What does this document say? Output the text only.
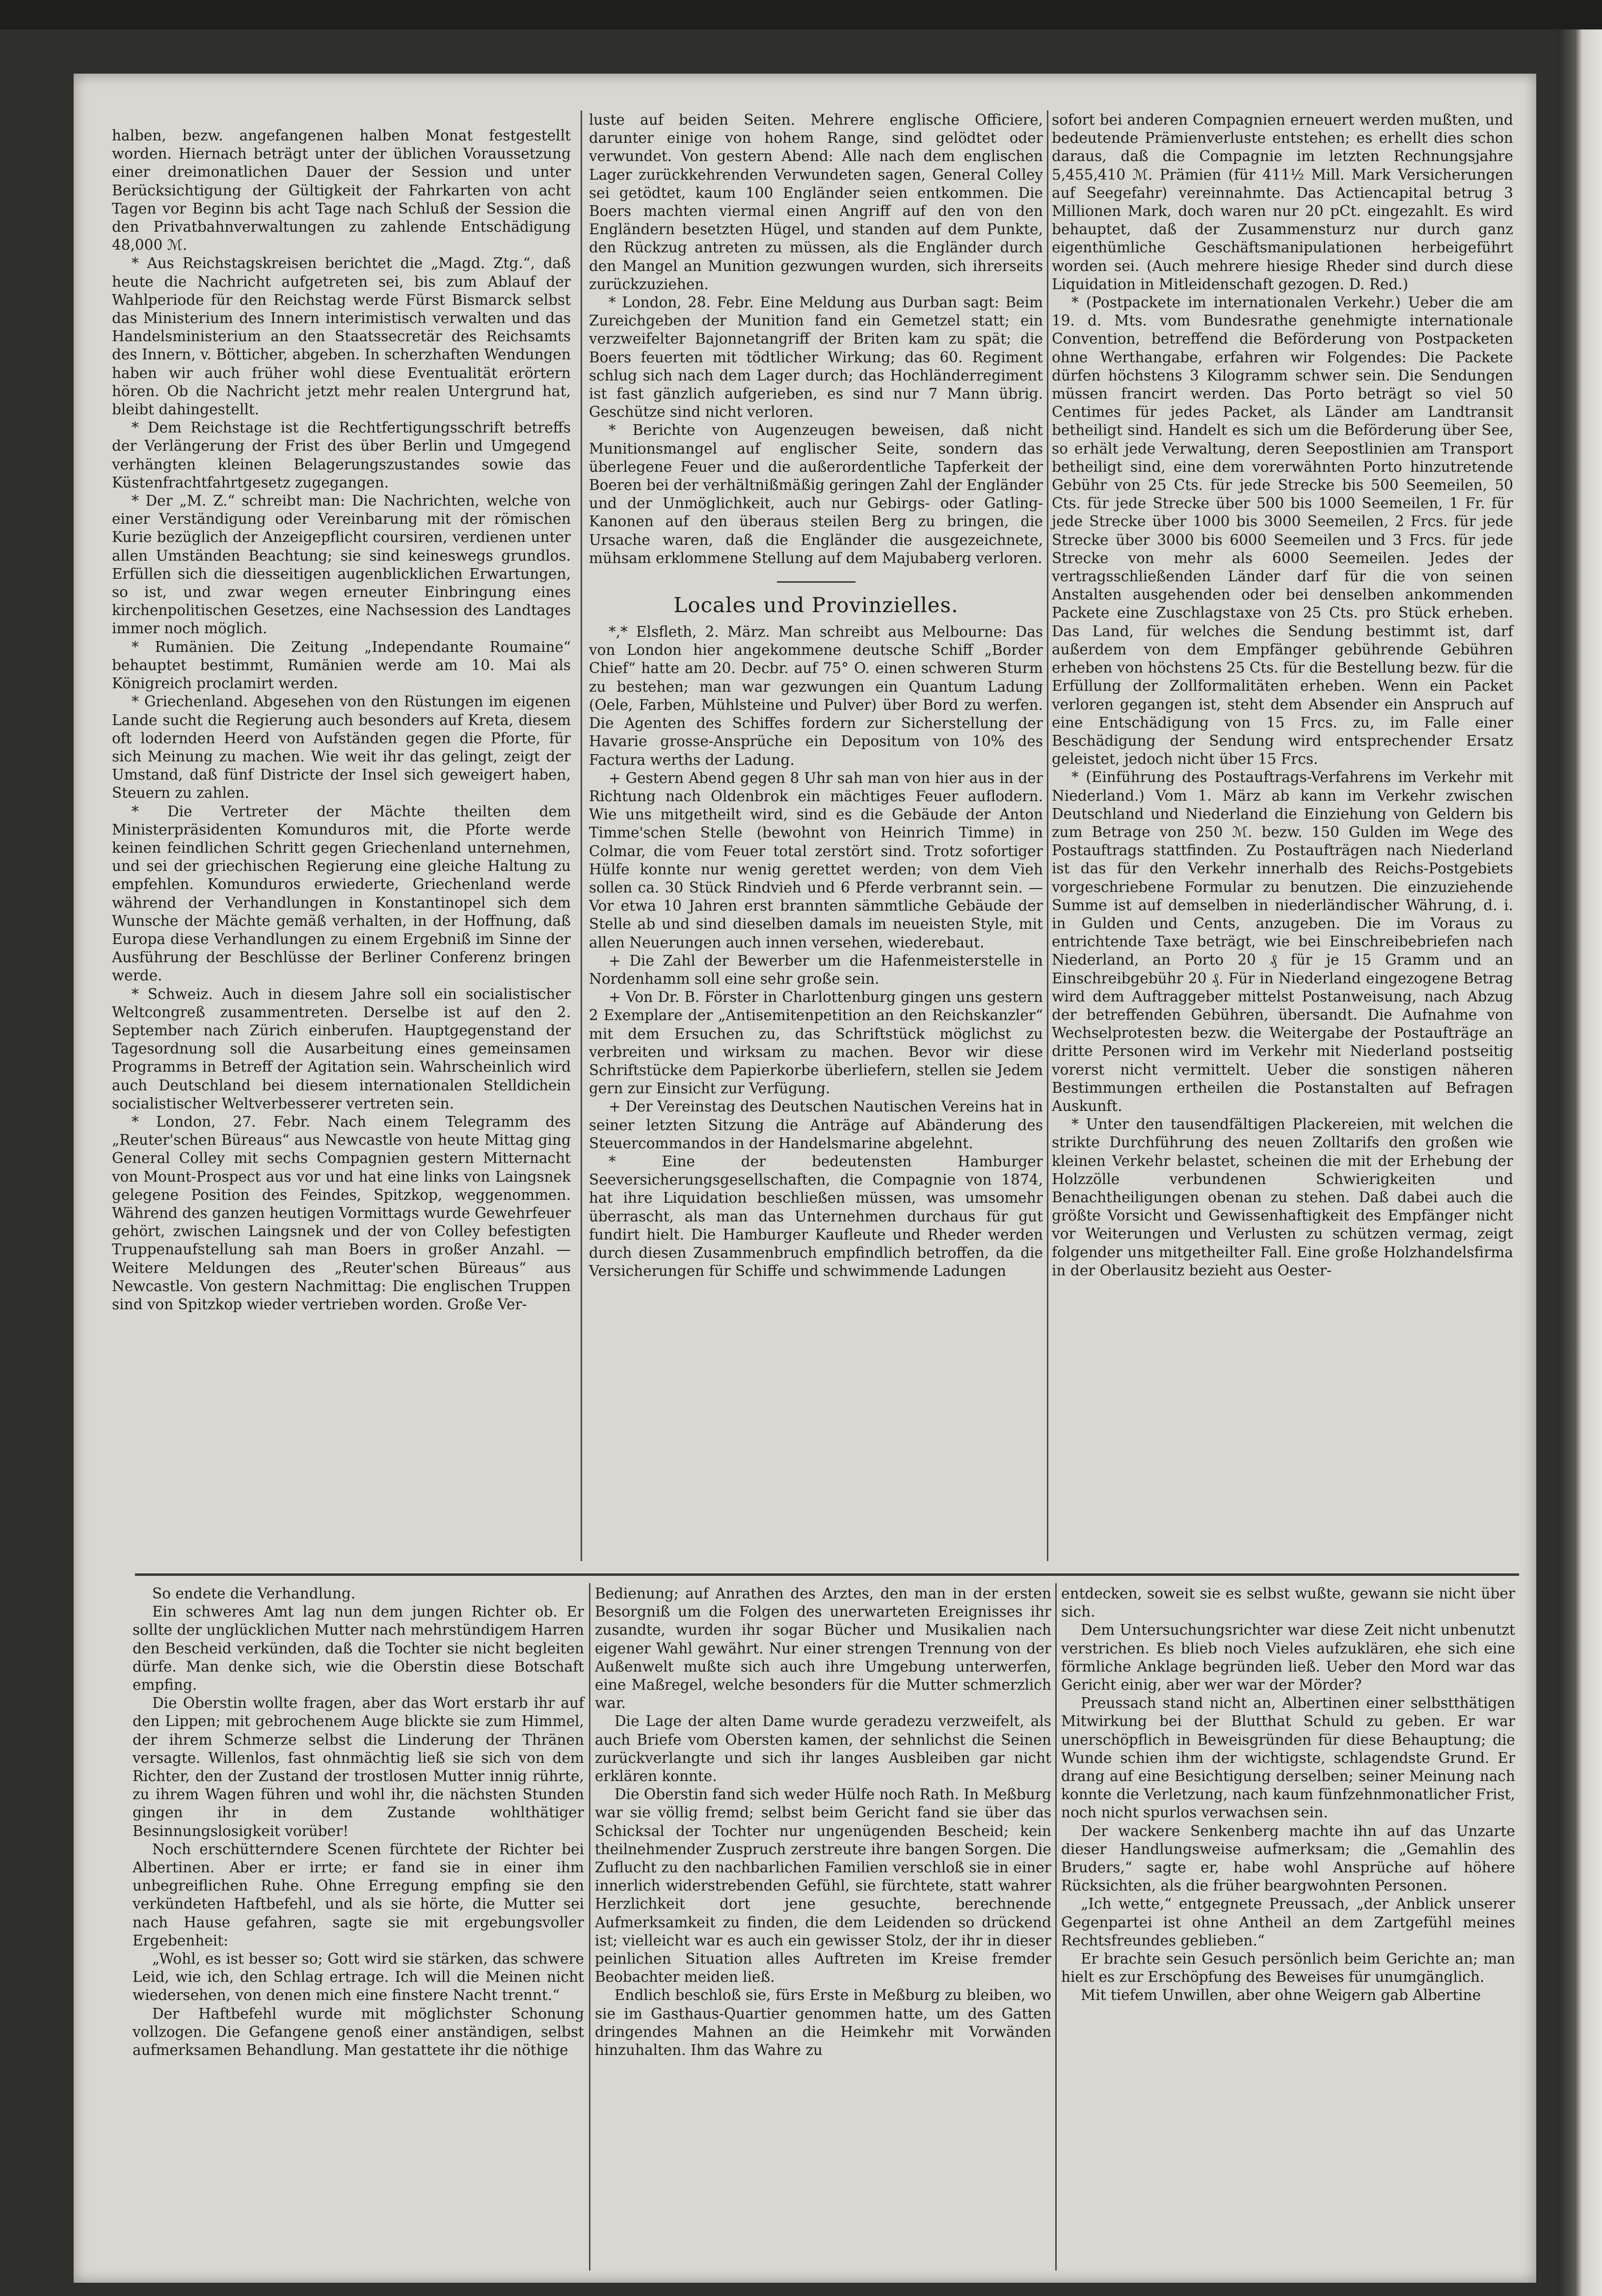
halben, bezw. angefangenen halben Monat festgestellt worden. Hiernach beträgt unter der üblichen Voraussetzung einer dreimonatlichen Dauer der Session und unter Berücksichtigung der Gültigkeit der Fahrkarten von acht Tagen vor Beginn bis acht Tage nach Schluß der Session die den Privatbahnverwaltungen zu zahlende Entschädigung 48,000 ℳ.

* Aus Reichstagskreisen berichtet die „Magd. Ztg.“, daß heute die Nachricht aufgetreten sei, bis zum Ablauf der Wahlperiode für den Reichstag werde Fürst Bismarck selbst das Ministerium des Innern interimistisch verwalten und das Handelsministerium an den Staatssecretär des Reichsamts des Innern, v. Bötticher, abgeben. In scherzhaften Wendungen haben wir auch früher wohl diese Eventualität erörtern hören. Ob die Nachricht jetzt mehr realen Untergrund hat, bleibt dahingestellt.

* Dem Reichstage ist die Rechtfertigungsschrift betreffs der Verlängerung der Frist des über Berlin und Umgegend verhängten kleinen Belagerungszustandes sowie das Küstenfrachtfahrtgesetz zugegangen.

* Der „M. Z.“ schreibt man: Die Nachrichten, welche von einer Verständigung oder Vereinbarung mit der römischen Kurie bezüglich der Anzeigepflicht coursiren, verdienen unter allen Umständen Beachtung; sie sind keineswegs grundlos. Erfüllen sich die diesseitigen augenblicklichen Erwartungen, so ist, und zwar wegen erneuter Einbringung eines kirchenpolitischen Gesetzes, eine Nachsession des Landtages immer noch möglich.

* Rumänien. Die Zeitung „Independante Roumaine“ behauptet bestimmt, Rumänien werde am 10. Mai als Königreich proclamirt werden.

* Griechenland. Abgesehen von den Rüstungen im eigenen Lande sucht die Regierung auch besonders auf Kreta, diesem oft lodernden Heerd von Aufständen gegen die Pforte, für sich Meinung zu machen. Wie weit ihr das gelingt, zeigt der Umstand, daß fünf Districte der Insel sich geweigert haben, Steuern zu zahlen.

* Die Vertreter der Mächte theilten dem Ministerpräsidenten Komunduros mit, die Pforte werde keinen feindlichen Schritt gegen Griechenland unternehmen, und sei der griechischen Regierung eine gleiche Haltung zu empfehlen. Komunduros erwiederte, Griechenland werde während der Verhandlungen in Konstantinopel sich dem Wunsche der Mächte gemäß verhalten, in der Hoffnung, daß Europa diese Verhandlungen zu einem Ergebniß im Sinne der Ausführung der Beschlüsse der Berliner Conferenz bringen werde.

* Schweiz. Auch in diesem Jahre soll ein socialistischer Weltcongreß zusammentreten. Derselbe ist auf den 2. September nach Zürich einberufen. Hauptgegenstand der Tagesordnung soll die Ausarbeitung eines gemeinsamen Programms in Betreff der Agitation sein. Wahrscheinlich wird auch Deutschland bei diesem internationalen Stelldichein socialistischer Weltverbesserer vertreten sein.

* London, 27. Febr. Nach einem Telegramm des „Reuter'schen Büreaus“ aus Newcastle von heute Mittag ging General Colley mit sechs Compagnien gestern Mitternacht von Mount-Prospect aus vor und hat eine links von Laingsnek gelegene Position des Feindes, Spitzkop, weggenommen. Während des ganzen heutigen Vormittags wurde Gewehrfeuer gehört, zwischen Laingsnek und der von Colley befestigten Truppenaufstellung sah man Boers in großer Anzahl. — Weitere Meldungen des „Reuter'schen Büreaus“ aus Newcastle. Von gestern Nachmittag: Die englischen Truppen sind von Spitzkop wieder vertrieben worden. Große Ver-

luste auf beiden Seiten. Mehrere englische Officiere, darunter einige von hohem Range, sind gelödtet oder verwundet. Von gestern Abend: Alle nach dem englischen Lager zurückkehrenden Verwundeten sagen, General Colley sei getödtet, kaum 100 Engländer seien entkommen. Die Boers machten viermal einen Angriff auf den von den Engländern besetzten Hügel, und standen auf dem Punkte, den Rückzug antreten zu müssen, als die Engländer durch den Mangel an Munition gezwungen wurden, sich ihrerseits zurückzuziehen.

* London, 28. Febr. Eine Meldung aus Durban sagt: Beim Zureichgeben der Munition fand ein Gemetzel statt; ein verzweifelter Bajonnetangriff der Briten kam zu spät; die Boers feuerten mit tödtlicher Wirkung; das 60. Regiment schlug sich nach dem Lager durch; das Hochländerregiment ist fast gänzlich aufgerieben, es sind nur 7 Mann übrig. Geschütze sind nicht verloren.

* Berichte von Augenzeugen beweisen, daß nicht Munitionsmangel auf englischer Seite, sondern das überlegene Feuer und die außerordentliche Tapferkeit der Boeren bei der verhältnißmäßig geringen Zahl der Engländer und der Unmöglichkeit, auch nur Gebirgs- oder Gatling-Kanonen auf den überaus steilen Berg zu bringen, die Ursache waren, daß die Engländer die ausgezeichnete, mühsam erklommene Stellung auf dem Majubaberg verloren.

Locales und Provinzielles.

*,* Elsfleth, 2. März. Man schreibt aus Melbourne: Das von London hier angekommene deutsche Schiff „Border Chief“ hatte am 20. Decbr. auf 75° O. einen schweren Sturm zu bestehen; man war gezwungen ein Quantum Ladung (Oele, Farben, Mühlsteine und Pulver) über Bord zu werfen. Die Agenten des Schiffes fordern zur Sicherstellung der Havarie grosse-Ansprüche ein Depositum von 10% des Factura werths der Ladung.

+ Gestern Abend gegen 8 Uhr sah man von hier aus in der Richtung nach Oldenbrok ein mächtiges Feuer auflodern. Wie uns mitgetheilt wird, sind es die Gebäude der Anton Timme'schen Stelle (bewohnt von Heinrich Timme) in Colmar, die vom Feuer total zerstört sind. Trotz sofortiger Hülfe konnte nur wenig gerettet werden; von dem Vieh sollen ca. 30 Stück Rindvieh und 6 Pferde verbrannt sein. — Vor etwa 10 Jahren erst brannten sämmtliche Gebäude der Stelle ab und sind dieselben damals im neueisten Style, mit allen Neuerungen auch innen versehen, wiederebaut.

+ Die Zahl der Bewerber um die Hafenmeisterstelle in Nordenhamm soll eine sehr große sein.

+ Von Dr. B. Förster in Charlottenburg gingen uns gestern 2 Exemplare der „Antisemitenpetition an den Reichskanzler“ mit dem Ersuchen zu, das Schriftstück möglichst zu verbreiten und wirksam zu machen. Bevor wir diese Schriftstücke dem Papierkorbe überliefern, stellen sie Jedem gern zur Einsicht zur Verfügung.

+ Der Vereinstag des Deutschen Nautischen Vereins hat in seiner letzten Sitzung die Anträge auf Abänderung des Steuercommandos in der Handelsmarine abgelehnt.

* Eine der bedeutensten Hamburger Seeversicherungsgesellschaften, die Compagnie von 1874, hat ihre Liquidation beschließen müssen, was umsomehr überrascht, als man das Unternehmen durchaus für gut fundirt hielt. Die Hamburger Kaufleute und Rheder werden durch diesen Zusammenbruch empfindlich betroffen, da die Versicherungen für Schiffe und schwimmende Ladungen

sofort bei anderen Compagnien erneuert werden mußten, und bedeutende Prämienverluste entstehen; es erhellt dies schon daraus, daß die Compagnie im letzten Rechnungsjahre 5,455,410 ℳ. Prämien (für 411½ Mill. Mark Versicherungen auf Seegefahr) vereinnahmte. Das Actiencapital betrug 3 Millionen Mark, doch waren nur 20 pCt. eingezahlt. Es wird behauptet, daß der Zusammensturz nur durch ganz eigenthümliche Geschäftsmanipulationen herbeigeführt worden sei. (Auch mehrere hiesige Rheder sind durch diese Liquidation in Mitleidenschaft gezogen. D. Red.)

* (Postpackete im internationalen Verkehr.) Ueber die am 19. d. Mts. vom Bundesrathe genehmigte internationale Convention, betreffend die Beförderung von Postpacketen ohne Werthangabe, erfahren wir Folgendes: Die Packete dürfen höchstens 3 Kilogramm schwer sein. Die Sendungen müssen francirt werden. Das Porto beträgt so viel 50 Centimes für jedes Packet, als Länder am Landtransit betheiligt sind. Handelt es sich um die Beförderung über See, so erhält jede Verwaltung, deren Seepostlinien am Transport betheiligt sind, eine dem vorerwähnten Porto hinzutretende Gebühr von 25 Cts. für jede Strecke bis 500 Seemeilen, 50 Cts. für jede Strecke über 500 bis 1000 Seemeilen, 1 Fr. für jede Strecke über 1000 bis 3000 Seemeilen, 2 Frcs. für jede Strecke über 3000 bis 6000 Seemeilen und 3 Frcs. für jede Strecke von mehr als 6000 Seemeilen. Jedes der vertragsschließenden Länder darf für die von seinen Anstalten ausgehenden oder bei denselben ankommenden Packete eine Zuschlagstaxe von 25 Cts. pro Stück erheben. Das Land, für welches die Sendung bestimmt ist, darf außerdem von dem Empfänger gebührende Gebühren erheben von höchstens 25 Cts. für die Bestellung bezw. für die Erfüllung der Zollformalitäten erheben. Wenn ein Packet verloren gegangen ist, steht dem Absender ein Anspruch auf eine Entschädigung von 15 Frcs. zu, im Falle einer Beschädigung der Sendung wird entsprechender Ersatz geleistet, jedoch nicht über 15 Frcs.

* (Einführung des Postauftrags-Verfahrens im Verkehr mit Niederland.) Vom 1. März ab kann im Verkehr zwischen Deutschland und Niederland die Einziehung von Geldern bis zum Betrage von 250 ℳ. bezw. 150 Gulden im Wege des Postauftrags stattfinden. Zu Postaufträgen nach Niederland ist das für den Verkehr innerhalb des Reichs-Postgebiets vorgeschriebene Formular zu benutzen. Die einzuziehende Summe ist auf demselben in niederländischer Währung, d. i. in Gulden und Cents, anzugeben. Die im Voraus zu entrichtende Taxe beträgt, wie bei Einschreibebriefen nach Niederland, an Porto 20 ₰ für je 15 Gramm und an Einschreibgebühr 20 ₰. Für in Niederland eingezogene Betrag wird dem Auftraggeber mittelst Postanweisung, nach Abzug der betreffenden Gebühren, übersandt. Die Aufnahme von Wechselprotesten bezw. die Weitergabe der Postaufträge an dritte Personen wird im Verkehr mit Niederland postseitig vorerst nicht vermittelt. Ueber die sonstigen näheren Bestimmungen ertheilen die Postanstalten auf Befragen Auskunft.

* Unter den tausendfältigen Plackereien, mit welchen die strikte Durchführung des neuen Zolltarifs den großen wie kleinen Verkehr belastet, scheinen die mit der Erhebung der Holzzölle verbundenen Schwierigkeiten und Benachtheiligungen obenan zu stehen. Daß dabei auch die größte Vorsicht und Gewissenhaftigkeit des Empfänger nicht vor Weiterungen und Verlusten zu schützen vermag, zeigt folgender uns mitgetheilter Fall. Eine große Holzhandelsfirma in der Oberlausitz bezieht aus Oester-

So endete die Verhandlung.

Ein schweres Amt lag nun dem jungen Richter ob. Er sollte der unglücklichen Mutter nach mehrstündigem Harren den Bescheid verkünden, daß die Tochter sie nicht begleiten dürfe. Man denke sich, wie die Oberstin diese Botschaft empfing.

Die Oberstin wollte fragen, aber das Wort erstarb ihr auf den Lippen; mit gebrochenem Auge blickte sie zum Himmel, der ihrem Schmerze selbst die Linderung der Thränen versagte. Willenlos, fast ohnmächtig ließ sie sich von dem Richter, den der Zustand der trostlosen Mutter innig rührte, zu ihrem Wagen führen und wohl ihr, die nächsten Stunden gingen ihr in dem Zustande wohlthätiger Besinnungslosigkeit vorüber!

Noch erschütterndere Scenen fürchtete der Richter bei Albertinen. Aber er irrte; er fand sie in einer ihm unbegreiflichen Ruhe. Ohne Erregung empfing sie den verkündeten Haftbefehl, und als sie hörte, die Mutter sei nach Hause gefahren, sagte sie mit ergebungsvoller Ergebenheit:

„Wohl, es ist besser so; Gott wird sie stärken, das schwere Leid, wie ich, den Schlag ertrage. Ich will die Meinen nicht wiedersehen, von denen mich eine finstere Nacht trennt.“

Der Haftbefehl wurde mit möglichster Schonung vollzogen. Die Gefangene genoß einer anständigen, selbst aufmerksamen Behandlung. Man gestattete ihr die nöthige

Bedienung; auf Anrathen des Arztes, den man in der ersten Besorgniß um die Folgen des unerwarteten Ereignisses ihr zusandte, wurden ihr sogar Bücher und Musikalien nach eigener Wahl gewährt. Nur einer strengen Trennung von der Außenwelt mußte sich auch ihre Umgebung unterwerfen, eine Maßregel, welche besonders für die Mutter schmerzlich war.

Die Lage der alten Dame wurde geradezu verzweifelt, als auch Briefe vom Obersten kamen, der sehnlichst die Seinen zurückverlangte und sich ihr langes Ausbleiben gar nicht erklären konnte.

Die Oberstin fand sich weder Hülfe noch Rath. In Meßburg war sie völlig fremd; selbst beim Gericht fand sie über das Schicksal der Tochter nur ungenügenden Bescheid; kein theilnehmender Zuspruch zerstreute ihre bangen Sorgen. Die Zuflucht zu den nachbarlichen Familien verschloß sie in einer innerlich widerstrebenden Gefühl, sie fürchtete, statt wahrer Herzlichkeit dort jene gesuchte, berechnende Aufmerksamkeit zu finden, die dem Leidenden so drückend ist; vielleicht war es auch ein gewisser Stolz, der ihr in dieser peinlichen Situation alles Auftreten im Kreise fremder Beobachter meiden ließ.

Endlich beschloß sie, fürs Erste in Meßburg zu bleiben, wo sie im Gasthaus-Quartier genommen hatte, um des Gatten dringendes Mahnen an die Heimkehr mit Vorwänden hinzuhalten. Ihm das Wahre zu

entdecken, soweit sie es selbst wußte, gewann sie nicht über sich.

Dem Untersuchungsrichter war diese Zeit nicht unbenutzt verstrichen. Es blieb noch Vieles aufzuklären, ehe sich eine förmliche Anklage begründen ließ. Ueber den Mord war das Gericht einig, aber wer war der Mörder?

Preussach stand nicht an, Albertinen einer selbstthätigen Mitwirkung bei der Blutthat Schuld zu geben. Er war unerschöpflich in Beweisgründen für diese Behauptung; die Wunde schien ihm der wichtigste, schlagendste Grund. Er drang auf eine Besichtigung derselben; seiner Meinung nach konnte die Verletzung, nach kaum fünfzehnmonatlicher Frist, noch nicht spurlos verwachsen sein.

Der wackere Senkenberg machte ihn auf das Unzarte dieser Handlungsweise aufmerksam; die „Gemahlin des Bruders,“ sagte er, habe wohl Ansprüche auf höhere Rücksichten, als die früher beargwohnten Personen.

„Ich wette,“ entgegnete Preussach, „der Anblick unserer Gegenpartei ist ohne Antheil an dem Zartgefühl meines Rechtsfreundes geblieben.“

Er brachte sein Gesuch persönlich beim Gerichte an; man hielt es zur Erschöpfung des Beweises für unumgänglich.

Mit tiefem Unwillen, aber ohne Weigern gab Albertine
